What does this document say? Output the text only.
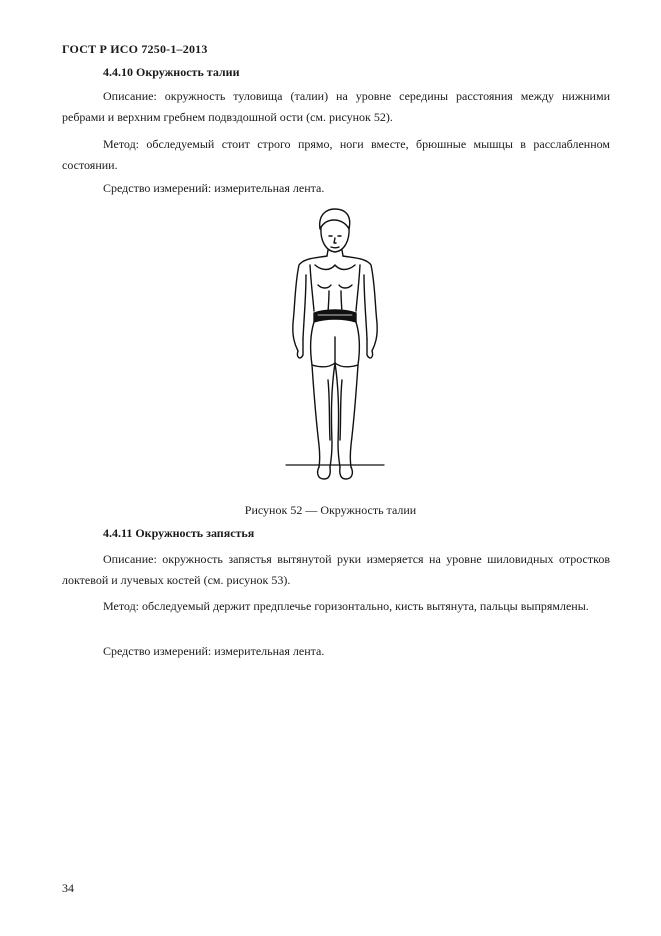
ГОСТ Р ИСО 7250-1–2013
4.4.10 Окружность талии

Описание: окружность туловища (талии) на уровне середины расстояния между нижними ребрами и верхним гребнем подвздошной ости (см. рисунок 52).

Метод: обследуемый стоит строго прямо, ноги вместе, брюшные мышцы в расслабленном состоянии.

Средство измерений: измерительная лента.

Рисунок 52 — Окружность талии
4.4.11 Окружность запястья

Описание: окружность запястья вытянутой руки измеряется на уровне шиловидных отростков локтевой и лучевых костей (см. рисунок 53).

Метод: обследуемый держит предплечье горизонтально, кисть вытянута, пальцы выпрямлены.

Средство измерений: измерительная лента.

34
